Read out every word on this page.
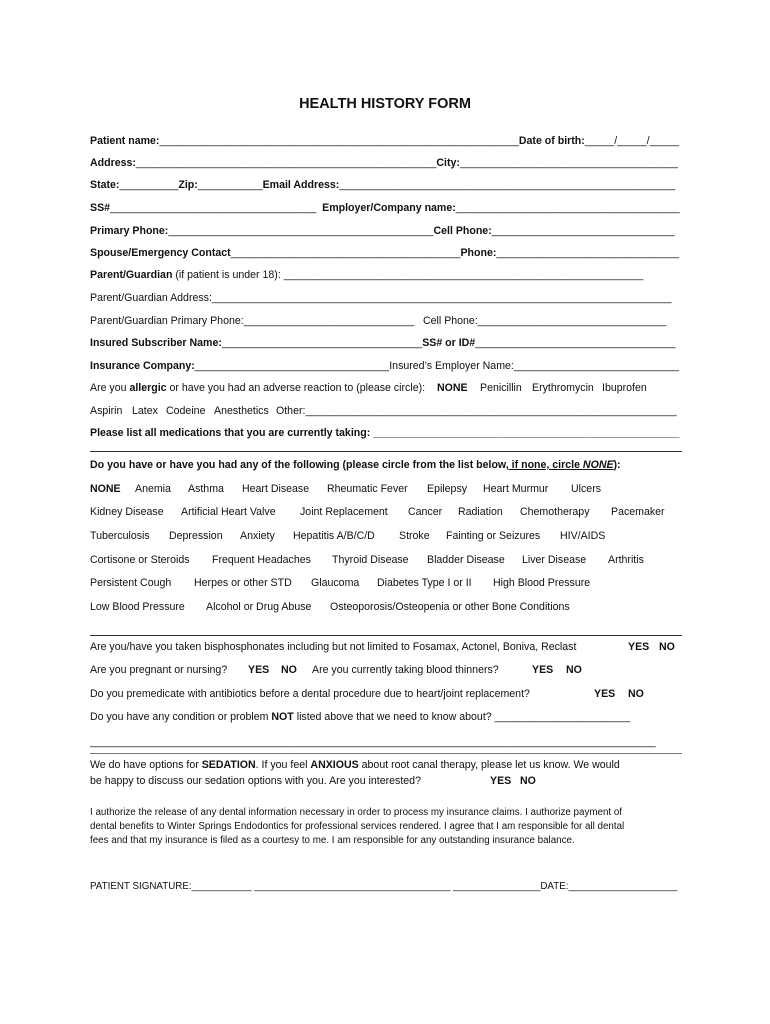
HEALTH HISTORY FORM
Patient name:_____________________________________________________________Date of birth:_____/_____/_____
Address:___________________________________________________City:_____________________________________
State:__________Zip:___________Email Address:_________________________________________________________
SS#___________________________________ Employer/Company name:______________________________________
Primary Phone:_____________________________________________Cell Phone:_______________________________
Spouse/Emergency Contact_______________________________________Phone:_______________________________
Parent/Guardian (if patient is under 18): _____________________________________________________________
Parent/Guardian Address:______________________________________________________________________________
Parent/Guardian Primary Phone:_____________________________ Cell Phone:________________________________
Insured Subscriber Name:__________________________________SS# or ID#__________________________________
Insurance Company:_________________________________Insured’s Employer Name:____________________________
Are you allergic or have you had an adverse reaction to (please circle): NONE Penicillin Erythromycin Ibuprofen
Aspirin Latex Codeine Anesthetics Other:_______________________________________________________________
Please list all medications that you are currently taking: ____________________________________________________
Do you have or have you had any of the following (please circle from the list below, if none, circle NONE):
NONE Anemia Asthma Heart Disease Rheumatic Fever Epilepsy Heart Murmur Ulcers
Kidney Disease Artificial Heart Valve Joint Replacement Cancer Radiation Chemotherapy Pacemaker
Tuberculosis Depression Anxiety Hepatitis A/B/C/D Stroke Fainting or Seizures HIV/AIDS
Cortisone or Steroids Frequent Headaches Thyroid Disease Bladder Disease Liver Disease Arthritis
Persistent Cough Herpes or other STD Glaucoma Diabetes Type I or II High Blood Pressure
Low Blood Pressure Alcohol or Drug Abuse Osteoporosis/Osteopenia or other Bone Conditions
Are you/have you taken bisphosphonates including but not limited to Fosamax, Actonel, Boniva, Reclast	YES NO
Are you pregnant or nursing? YES NO Are you currently taking blood thinners?	YES NO
Do you premedicate with antibiotics before a dental procedure due to heart/joint replacement?	YES NO
Do you have any condition or problem NOT listed above that we need to know about? _______________________
________________________________________________________________________________________________
We do have options for SEDATION. If you feel ANXIOUS about root canal therapy, please let us know. We would
be happy to discuss our sedation options with you. Are you interested?	YES NO
I authorize the release of any dental information necessary in order to process my insurance claims. I authorize payment of
dental benefits to Winter Springs Endodontics for professional services rendered. I agree that I am responsible for all dental
fees and that my insurance is filed as a courtesy to me. I am responsible for any outstanding insurance balance.
PATIENT SIGNATURE:___________ ____________________________________ ________________DATE:____________________
